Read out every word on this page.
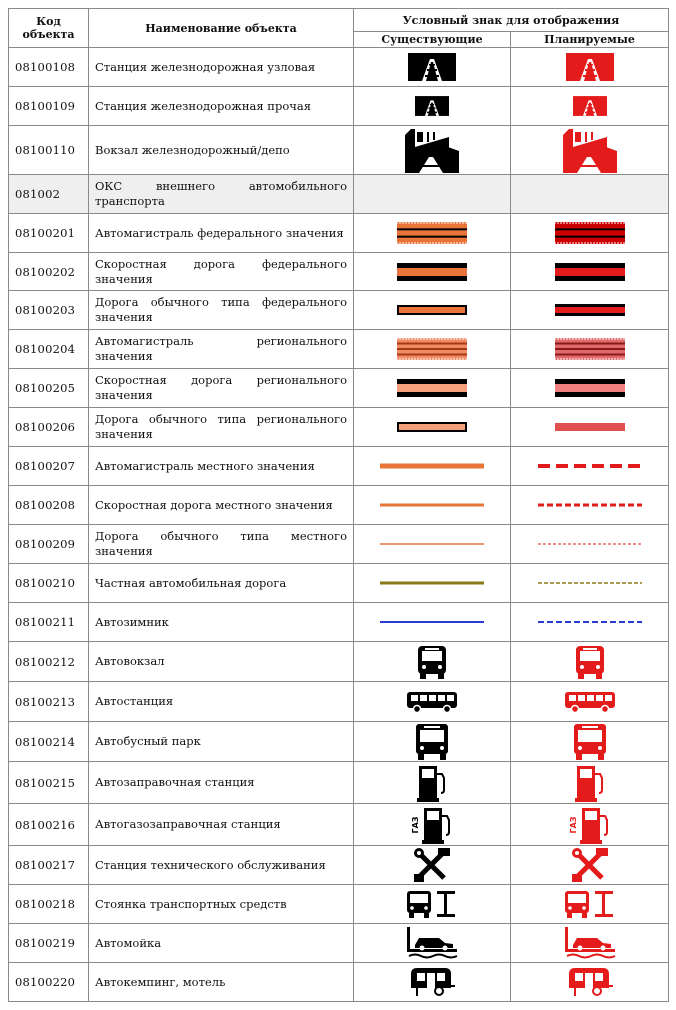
Код объекта	Наименование объекта	Условный знак для отображения	
		Существующие	Планируемые
08100108	Станция железнодорожная узловая	

08100109	Станция железнодорожная прочая	

08100110	Вокзал железнодорожный/депо	

081002	ОКС внешнего автомобильного транспорта		
08100201	Автомагистраль федерального значения	

08100202	Скоростная дорога федерального значения	

08100203	Дорога обычного типа федерального значения	

08100204	Автомагистраль регионального значения	

08100205	Скоростная дорога регионального значения	

08100206	Дорога обычного типа регионального значения	

08100207	Автомагистраль местного значения	

08100208	Скоростная дорога местного значения	

08100209	Дорога обычного типа местного значения	

08100210	Частная автомобильная дорога	

08100211	Автозимник	

08100212	Автовокзал	

08100213	Автостанция	

08100214	Автобусный парк	

08100215	Автозаправочная станция	

08100216	Автогазозаправочная станция	ГАЗ	ГАЗ

08100217	Станция технического обслуживания	

08100218	Стоянка транспортных средств	

08100219	Автомойка	

08100220	Автокемпинг, мотель	
